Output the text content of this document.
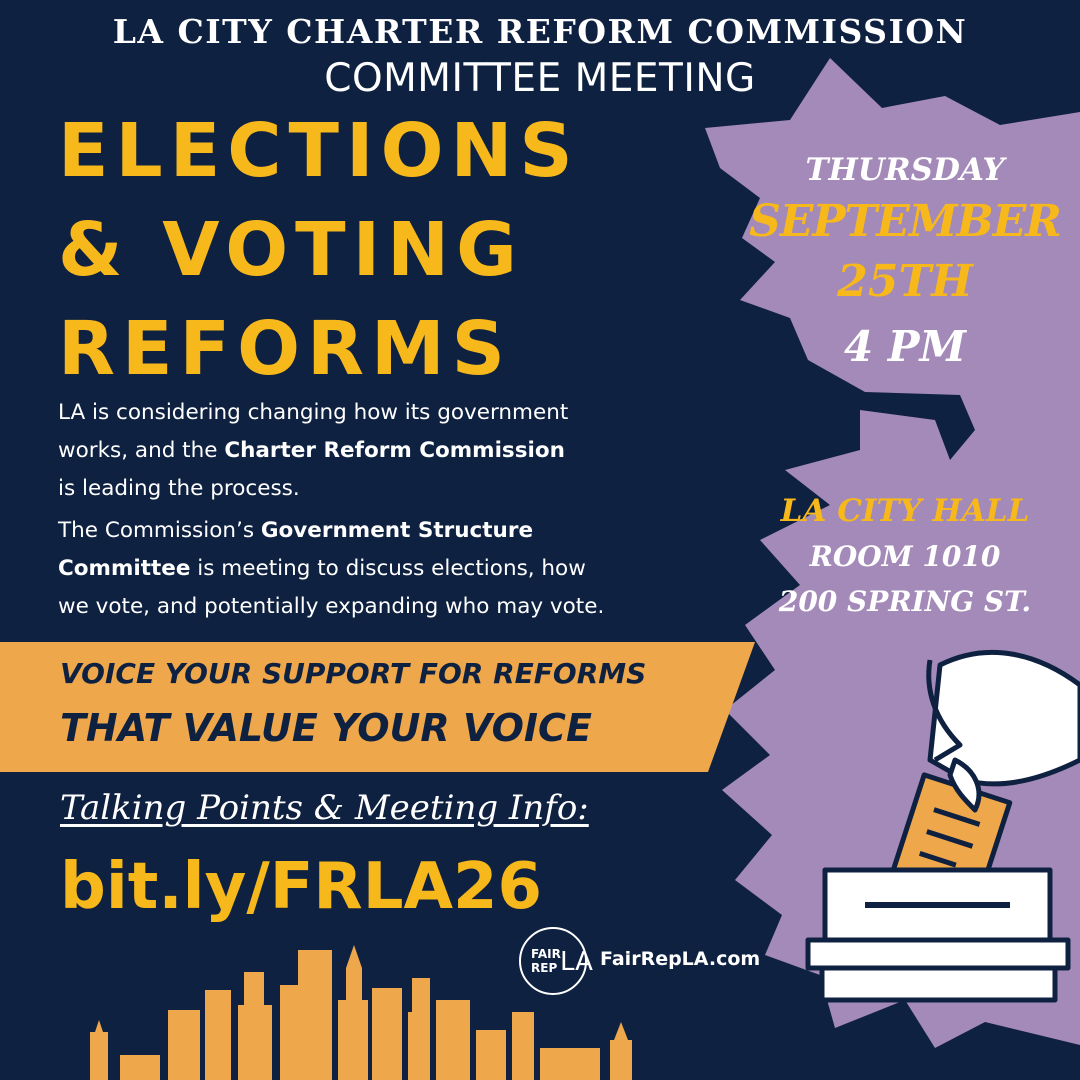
LA CITY CHARTER REFORM COMMISSION
COMMITTEE MEETING
ELECTIONS
& VOTING
REFORMS
LA is considering changing how its government
works, and the Charter Reform Commission
is leading the process.
The Commission’s Government Structure
Committee is meeting to discuss elections, how
we vote, and potentially expanding who may vote.
THURSDAY
SEPTEMBER
25TH
4 PM
LA CITY HALL
ROOM 1010
200 SPRING ST.
VOICE YOUR SUPPORT FOR REFORMS
THAT VALUE YOUR VOICE
Talking Points & Meeting Info:
bit.ly/FRLA26
FAIR
REP LA FairRepLA.com
